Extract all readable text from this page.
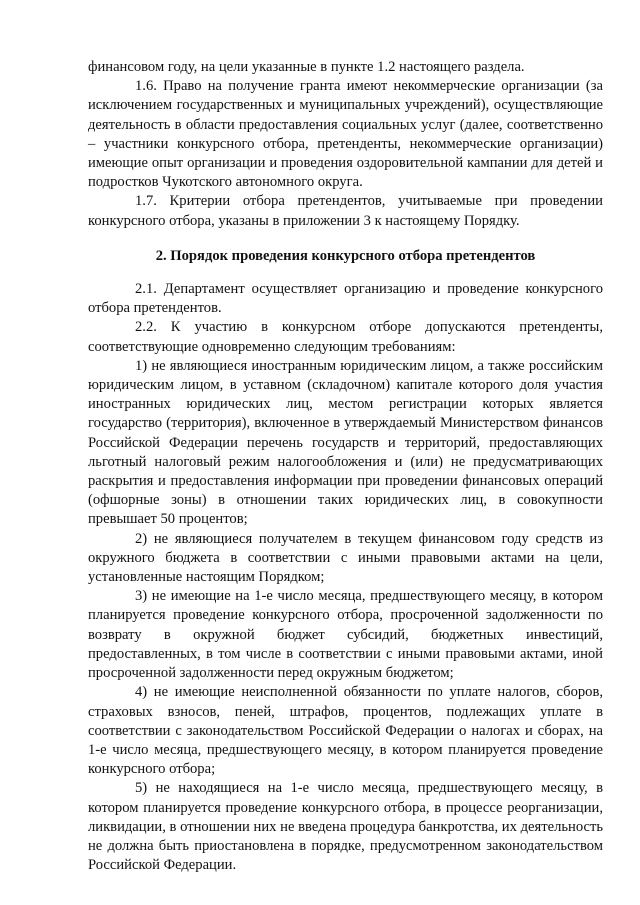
финансовом году, на цели указанные в пункте 1.2 настоящего раздела.

1.6. Право на получение гранта имеют некоммерческие организации (за исключением государственных и муниципальных учреждений), осуществляющие деятельность в области предоставления социальных услуг (далее, соответственно – участники конкурсного отбора, претенденты, некоммерческие организации) имеющие опыт организации и проведения оздоровительной кампании для детей и подростков Чукотского автономного округа.

1.7. Критерии отбора претендентов, учитываемые при проведении конкурсного отбора, указаны в приложении 3 к настоящему Порядку.

2. Порядок проведения конкурсного отбора претендентов

2.1. Департамент осуществляет организацию и проведение конкурсного отбора претендентов.

2.2. К участию в конкурсном отборе допускаются претенденты, соответствующие одновременно следующим требованиям:

1) не являющиеся иностранным юридическим лицом, а также российским юридическим лицом, в уставном (складочном) капитале которого доля участия иностранных юридических лиц, местом регистрации которых является государство (территория), включенное в утверждаемый Министерством финансов Российской Федерации перечень государств и территорий, предоставляющих льготный налоговый режим налогообложения и (или) не предусматривающих раскрытия и предоставления информации при проведении финансовых операций (офшорные зоны) в отношении таких юридических лиц, в совокупности превышает 50 процентов;

2) не являющиеся получателем в текущем финансовом году средств из окружного бюджета в соответствии с иными правовыми актами на цели, установленные настоящим Порядком;

3) не имеющие на 1-е число месяца, предшествующего месяцу, в котором планируется проведение конкурсного отбора, просроченной задолженности по возврату в окружной бюджет субсидий, бюджетных инвестиций, предоставленных, в том числе в соответствии с иными правовыми актами, иной просроченной задолженности перед окружным бюджетом;

4) не имеющие неисполненной обязанности по уплате налогов, сборов, страховых взносов, пеней, штрафов, процентов, подлежащих уплате в соответствии с законодательством Российской Федерации о налогах и сборах, на 1-е число месяца, предшествующего месяцу, в котором планируется проведение конкурсного отбора;

5) не находящиеся на 1-е число месяца, предшествующего месяцу, в котором планируется проведение конкурсного отбора, в процессе реорганизации, ликвидации, в отношении них не введена процедура банкротства, их деятельность не должна быть приостановлена в порядке, предусмотренном законодательством Российской Федерации.
